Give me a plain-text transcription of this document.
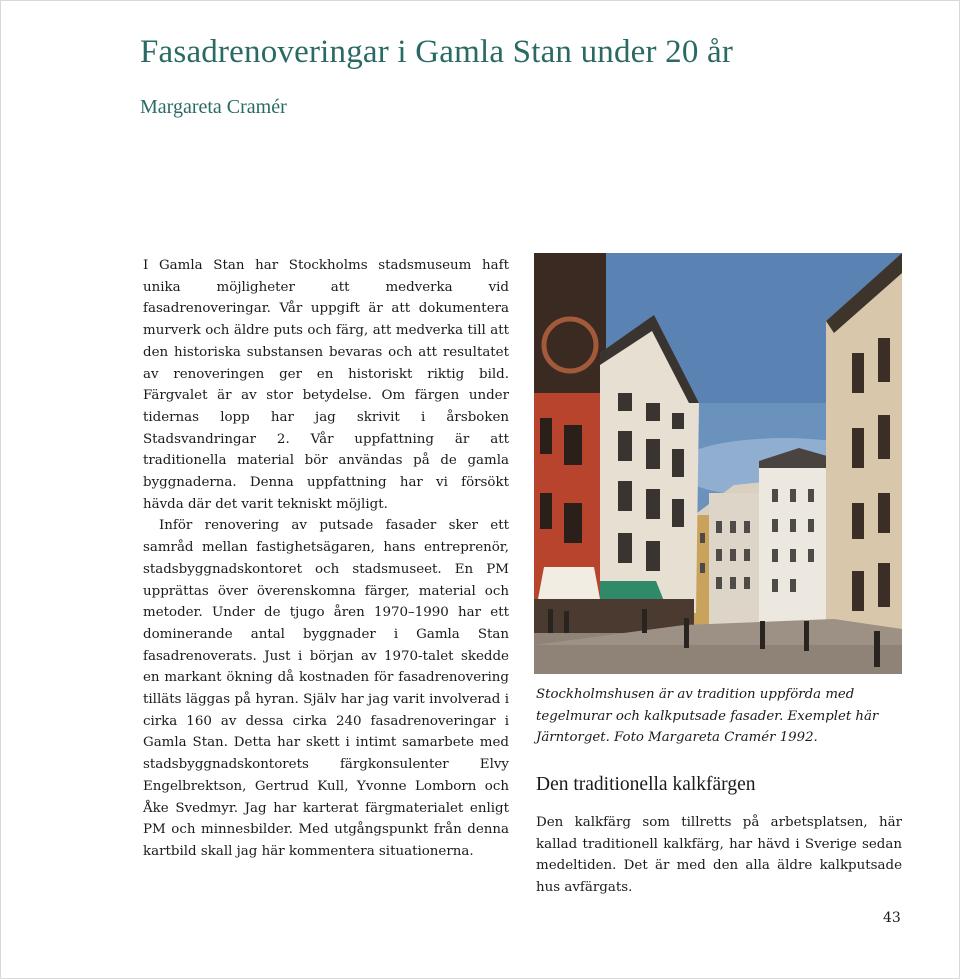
Fasadrenoveringar i Gamla Stan under 20 år
Margareta Cramér

I Gamla Stan har Stockholms stadsmuseum haft unika möjligheter att medverka vid fasadrenoveringar. Vår uppgift är att dokumentera murverk och äldre puts och färg, att medverka till att den historiska substansen bevaras och att resultatet av renoveringen ger en historiskt riktig bild. Färgvalet är av stor betydelse. Om färgen under tidernas lopp har jag skrivit i årsboken Stadsvandringar 2. Vår uppfattning är att traditionella material bör användas på de gamla byggnaderna. Denna uppfattning har vi försökt hävda där det varit tekniskt möjligt.

Inför renovering av putsade fasader sker ett samråd mellan fastighetsägaren, hans entreprenör, stadsbyggnadskontoret och stadsmuseet. En PM upprättas över överenskomna färger, material och metoder. Under de tjugo åren 1970–1990 har ett dominerande antal byggnader i Gamla Stan fasadrenoverats. Just i början av 1970-talet skedde en markant ökning då kostnaden för fasadrenovering tilläts läggas på hyran. Själv har jag varit involverad i cirka 160 av dessa cirka 240 fasadrenoveringar i Gamla Stan. Detta har skett i intimt samarbete med stadsbyggnadskontorets färgkonsulenter Elvy Engelbrektson, Gertrud Kull, Yvonne Lomborn och Åke Svedmyr. Jag har karterat färgmaterialet enligt PM och minnesbilder. Med utgångspunkt från denna kartbild skall jag här kommentera situationerna.

Stockholmshusen är av tradition uppförda med tegelmurar och kalkputsade fasader. Exemplet här Järntorget. Foto Margareta Cramér 1992.
Den traditionella kalkfärgen
Den kalkfärg som tillretts på arbetsplatsen, här kallad traditionell kalkfärg, har hävd i Sverige sedan medeltiden. Det är med den alla äldre kalkputsade hus avfärgats.
43
